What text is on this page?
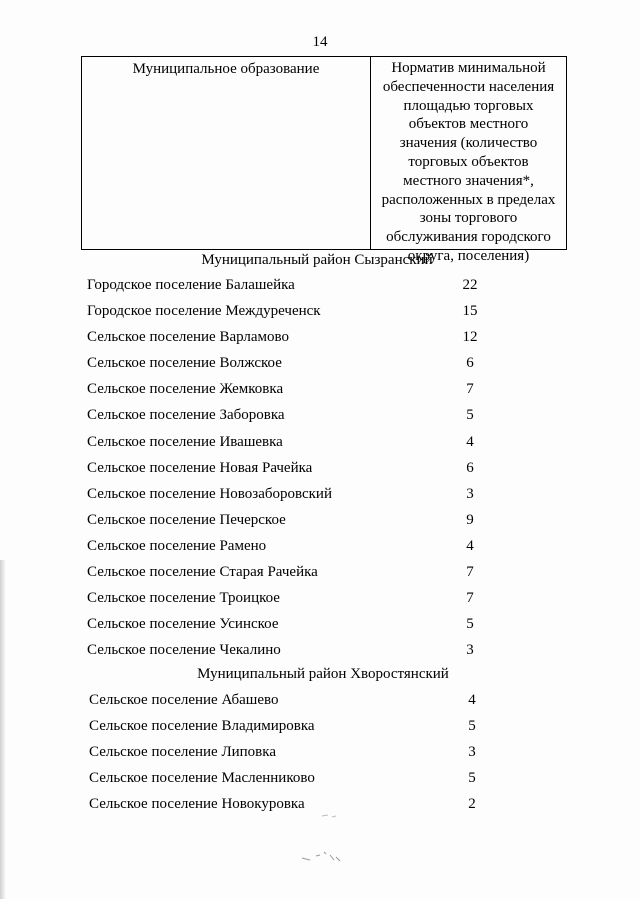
14
Муниципальное образование	Норматив минимальной
обеспеченности населения
площадью торговых
объектов местного
значения (количество
торговых объектов
местного значения*,
расположенных в пределах
зоны торгового
обслуживания городского
округа, поселения)
Муниципальный район Сызранский
Городское поселение Балашейка	22
Городское поселение Междуреченск	15
Сельское поселение Варламово	12
Сельское поселение Волжское	6
Сельское поселение Жемковка	7
Сельское поселение Заборовка	5
Сельское поселение Ивашевка	4
Сельское поселение Новая Рачейка	6
Сельское поселение Новозаборовский	3
Сельское поселение Печерское	9
Сельское поселение Рамено	4
Сельское поселение Старая Рачейка	7
Сельское поселение Троицкое	7
Сельское поселение Усинское	5
Сельское поселение Чекалино	3
Муниципальный район Хворостянский
Сельское поселение Абашево	4
Сельское поселение Владимировка	5
Сельское поселение Липовка	3
Сельское поселение Масленниково	5
Сельское поселение Новокуровка	2
